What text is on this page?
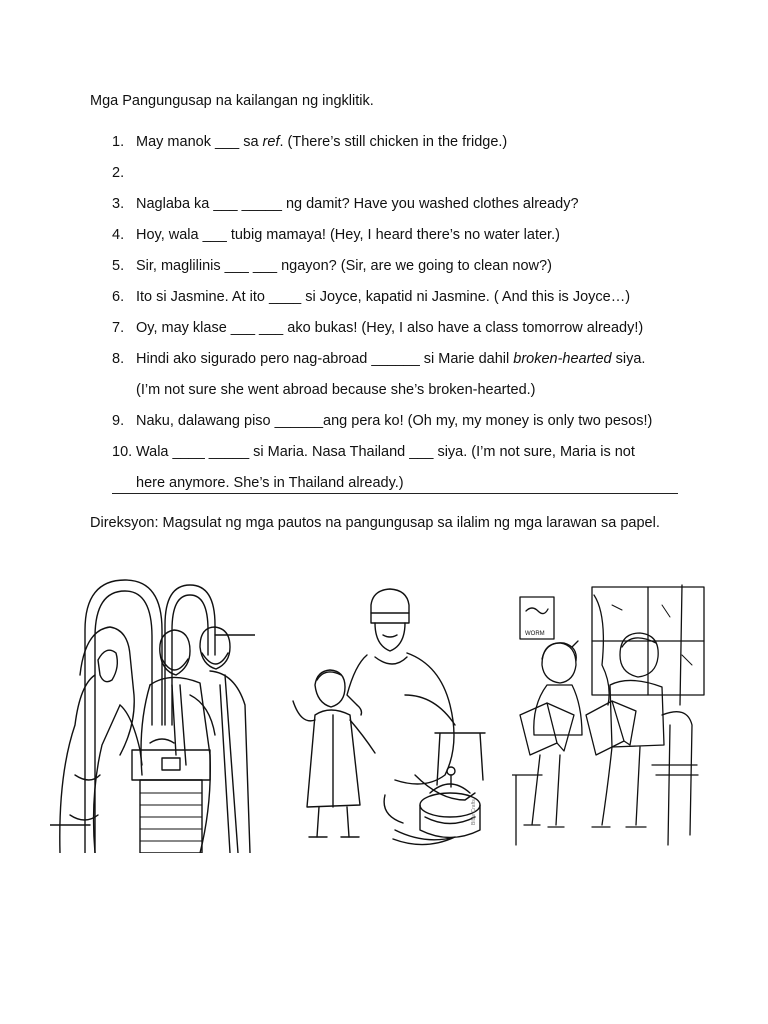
Mga Pangungusap na kailangan ng ingklitik.
1. May manok ___ sa ref. (There’s still chicken in the fridge.)
2.
3. Naglaba ka ___ _____ ng damit? Have you washed clothes already?
4. Hoy, wala ___ tubig mamaya! (Hey, I heard there’s no water later.)
5. Sir, maglilinis ___ ___ ngayon? (Sir, are we going to clean now?)
6. Ito si Jasmine. At ito ____ si Joyce, kapatid ni Jasmine. ( And this is Joyce…)
7. Oy, may klase ___ ___ ako bukas! (Hey, I also have a class tomorrow already!)
8. Hindi ako sigurado pero nag-abroad ______ si Marie dahil broken-hearted siya.
(I’m not sure she went abroad because she’s broken-hearted.)
9. Naku, dalawang piso ______ang pera ko! (Oh my, my money is only two pesos!)
10. Wala ____ _____ si Maria. Nasa Thailand ___ siya. (I’m not sure, Maria is not
here anymore. She’s in Thailand already.)
Direksyon: Magsulat ng mga pautos na pangungusap sa ilalim ng mga larawan sa papel.
Bible Crafts
WORM
